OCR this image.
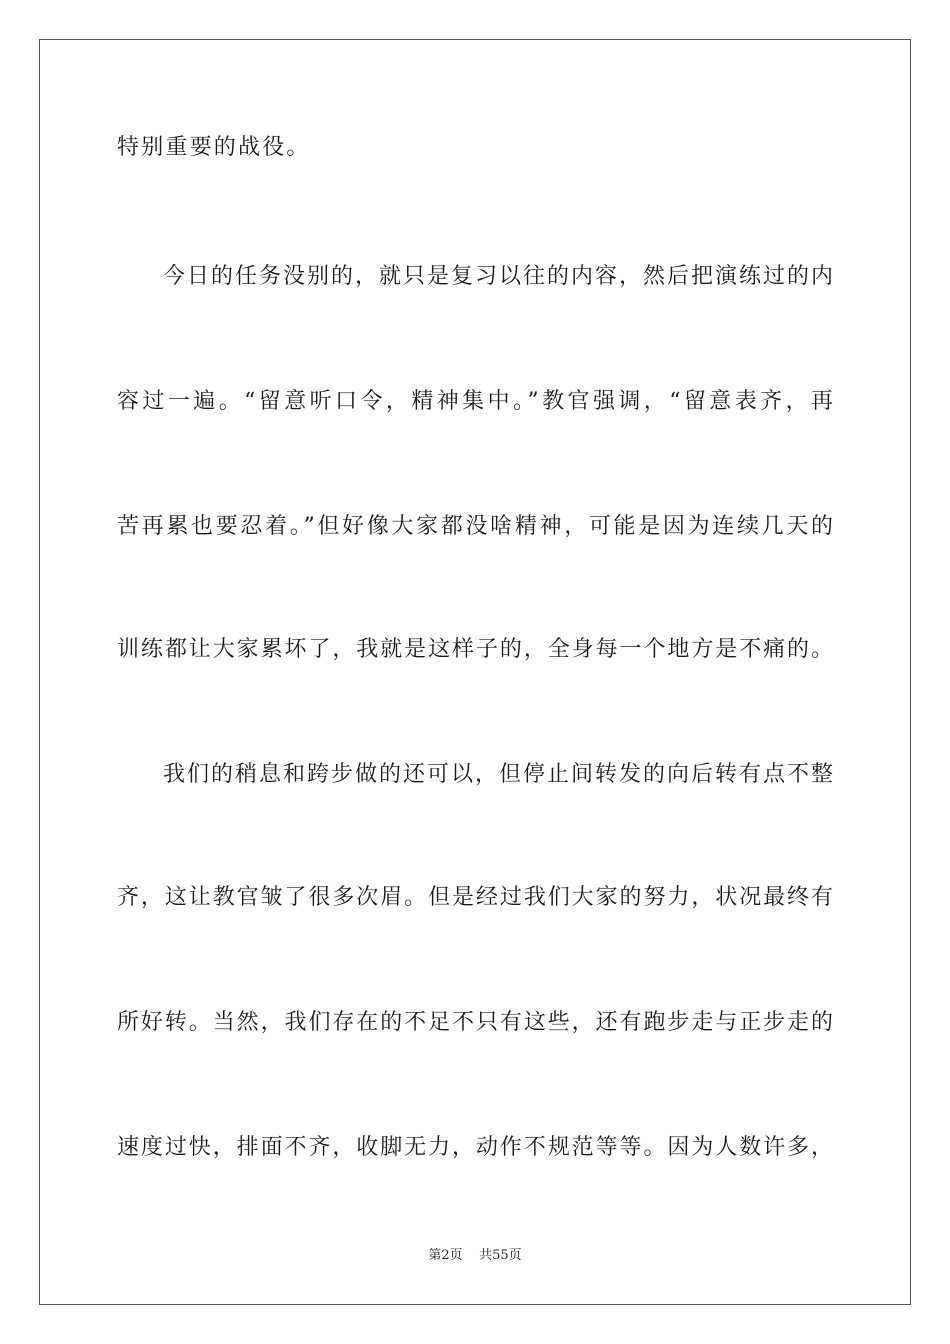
特别重要的战役。
今日的任务没别的，就只是复习以往的内容，然后把演练过的内
容过一遍。“留意听口令，精神集中。”教官强调，“留意表齐，再
苦再累也要忍着。”但好像大家都没啥精神，可能是因为连续几天的
训练都让大家累坏了，我就是这样子的，全身每一个地方是不痛的。
我们的稍息和跨步做的还可以，但停止间转发的向后转有点不整
齐，这让教官皱了很多次眉。但是经过我们大家的努力，状况最终有
所好转。当然，我们存在的不足不只有这些，还有跑步走与正步走的
速度过快，排面不齐，收脚无力，动作不规范等等。因为人数许多，
第2页 共55页
